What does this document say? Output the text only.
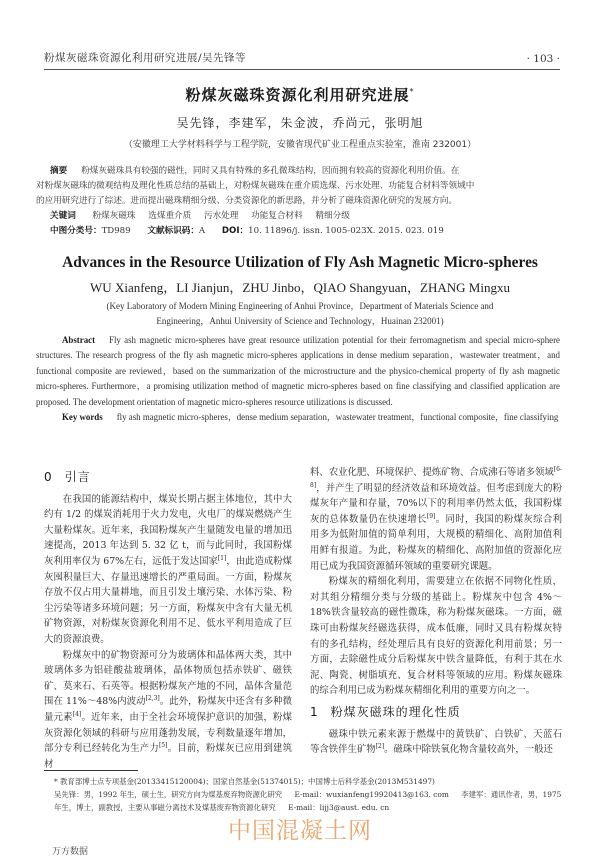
粉煤灰磁珠资源化利用研究进展/吴先锋等	· 103 ·
粉煤灰磁珠资源化利用研究进展*
吴先锋，李建军，朱金波，乔尚元，张明旭
（安徽理工大学材料科学与工程学院，安徽省现代矿业工程重点实验室，淮南 232001）

摘要 粉煤灰磁珠具有较强的磁性，同时又具有特殊的多孔微珠结构，因而拥有较高的资源化利用价值。在

对粉煤灰磁珠的微观结构及理化性质总结的基础上，对粉煤灰磁珠在重介质选煤、污水处理、功能复合材料等领域中

的应用研究进行了综述。进而提出磁珠精细分级、分类资源化的新思路，并分析了磁珠资源化研究的发展方向。

关键词 粉煤灰磁珠 选煤重介质 污水处理 功能复合材料 精细分级

中图分类号：TD989 文献标识码：A DOI：10. 11896/j. issn. 1005-023X. 2015. 023. 019

Advances in the Resource Utilization of Fly Ash Magnetic Micro-spheres
WU Xianfeng，LI Jianjun，ZHU Jinbo，QIAO Shangyuan，ZHANG Mingxu
(Key Laboratory of Modern Mining Engineering of Anhui Province，Department of Materials Science and
Engineering，Anhui University of Science and Technology，Huainan 232001)

Abstract Fly ash magnetic micro-spheres have great resource utilization potential for their ferromagnetism and special micro-sphere structures. The research progress of the fly ash magnetic micro-spheres applications in dense medium separation，wastewater treatment，and functional composite are reviewed，based on the summarization of the microstructure and the physico-chemical property of fly ash magnetic micro-spheres. Furthermore，a promising utilization method of magnetic micro-spheres based on fine classifying and classified application are proposed. The development orientation of magnetic micro-spheres resource utilizations is discussed.

Key words fly ash magnetic micro-spheres，dense medium separation，wastewater treatment，functional composite，fine classifying

0 引言

在我国的能源结构中，煤炭长期占据主体地位，其中大约有 1/2 的煤炭消耗用于火力发电，火电厂的煤炭燃烧产生大量粉煤灰。近年来，我国粉煤灰产生量随发电量的增加迅速提高，2013 年达到 5. 32 亿 t，而与此同时，我国粉煤灰利用率仅为 67%左右，远低于发达国家[1]，由此造成粉煤灰囤积量巨大、存量迅速增长的严重局面。一方面，粉煤灰存放不仅占用大量耕地，而且引发土壤污染、水体污染、粉尘污染等诸多环境问题；另一方面，粉煤灰中含有大量无机矿物资源，对粉煤灰资源化利用不足、低水平利用造成了巨大的资源浪费。

粉煤灰中的矿物资源可分为玻璃体和晶体两大类，其中玻璃体多为铝硅酸盐玻璃体，晶体物质包括赤铁矿、磁铁矿、莫来石、石英等。根据粉煤灰产地的不同，晶体含量范围在 11%～48%内波动[2,3]。此外，粉煤灰中还含有多种微量元素[4]。近年来，由于全社会环境保护意识的加强，粉煤灰资源化领域的科研与应用蓬勃发展，专利数量逐年增加，部分专利已经转化为生产力[5]。目前，粉煤灰已应用到建筑材

料、农业化肥、环境保护、提炼矿物、合成沸石等诸多领域[6-8]，并产生了明显的经济效益和环境效益。但考虑到庞大的粉煤灰年产量和存量，70%以下的利用率仍然太低，我国粉煤灰的总体数量仍在快速增长[9]。同时，我国的粉煤灰综合利用多为低附加值的简单利用，大规模的精细化、高附加值利用鲜有报道。为此，粉煤灰的精细化、高附加值的资源化应用已成为我国资源循环领域的重要研究课题。

粉煤灰的精细化利用，需要建立在依据不同物化性质，对其组分精细分类与分级的基础上。粉煤灰中包含 4%～18%铁含量较高的磁性微珠，称为粉煤灰磁珠。一方面，磁珠可由粉煤灰经磁选获得，成本低廉，同时又具有粉煤灰特有的多孔结构，经处理后具有良好的资源化利用前景；另一方面，去除磁性成分后粉煤灰中铁含量降低，有利于其在水泥、陶瓷、树脂填充、复合材料等领域的应用。粉煤灰磁珠的综合利用已成为粉煤灰精细化利用的重要方向之一。

1 粉煤灰磁珠的理化性质

磁珠中铁元素来源于燃煤中的黄铁矿、白铁矿、天蓝石等含铁伴生矿物[2]。磁珠中除铁氧化物含量较高外，一般还

* 教育部博士点专项基金(20133415120004)；国家自然基金(51374015)；中国博士后科学基金(2013M531497)

吴先锋：男，1992 年生，硕士生，研究方向为煤基废弃物资源化研究 E-mail：wuxianfeng19920413@163. com 李建军：通讯作者，男，1975 年生，博士，副教授，主要从事磁分离技术及煤基废弃物资源化研究 E-mail：lijj3@aust. edu. cn

中国混凝土网
万方数据
